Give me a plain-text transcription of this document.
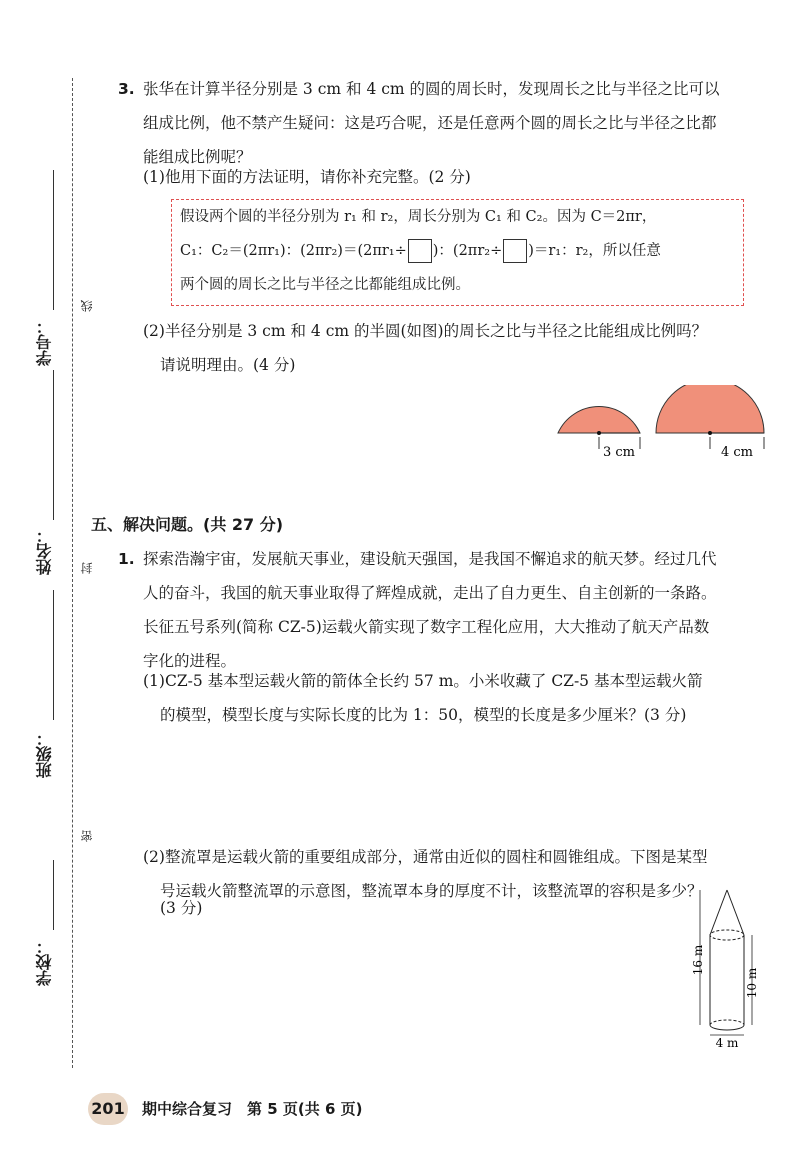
学校：
班级：
姓名：
学号：
线
封
密
3. 张华在计算半径分别是 3 cm 和 4 cm 的圆的周长时，发现周长之比与半径之比可以
组成比例，他不禁产生疑问：这是巧合呢，还是任意两个圆的周长之比与半径之比都
能组成比例呢？
(1)他用下面的方法证明，请你补充完整。(2 分)
假设两个圆的半径分别为 r₁ 和 r₂，周长分别为 C₁ 和 C₂。因为 C＝2πr，
C₁：C₂＝(2πr₁)：(2πr₂)＝(2πr₁÷ )：(2πr₂÷ )＝r₁：r₂，所以任意
两个圆的周长之比与半径之比都能组成比例。
(2)半径分别是 3 cm 和 4 cm 的半圆(如图)的周长之比与半径之比能组成比例吗？
请说明理由。(4 分)
3 cm	4 cm
五、解决问题。(共 27 分)
1. 探索浩瀚宇宙，发展航天事业，建设航天强国，是我国不懈追求的航天梦。经过几代
人的奋斗，我国的航天事业取得了辉煌成就，走出了自力更生、自主创新的一条路。
长征五号系列(简称 CZ-5)运载火箭实现了数字工程化应用，大大推动了航天产品数
字化的进程。
(1)CZ-5 基本型运载火箭的箭体全长约 57 m。小米收藏了 CZ-5 基本型运载火箭
的模型，模型长度与实际长度的比为 1：50，模型的长度是多少厘米？(3 分)
(2)整流罩是运载火箭的重要组成部分，通常由近似的圆柱和圆锥组成。下图是某型
号运载火箭整流罩的示意图，整流罩本身的厚度不计，该整流罩的容积是多少？
(3 分)
16 m
10 m
4 m
201 期中综合复习　第 5 页(共 6 页)
